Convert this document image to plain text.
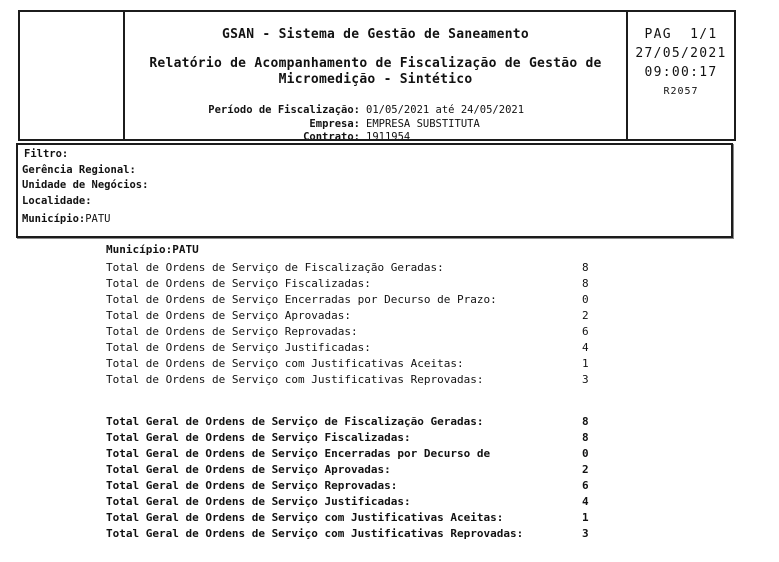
GSAN - Sistema de Gestão de Saneamento
Relatório de Acompanhamento de Fiscalização de Gestão de Micromedição - Sintético
Período de Fiscalização: 01/05/2021 até 24/05/2021
Empresa: EMPRESA SUBSTITUTA
Contrato: 1911954
PAG  1/1
27/05/2021
09:00:17
R2057
Filtro:
Gerência Regional:
Unidade de Negócios:
Localidade:
Município:PATU
Município:PATU
Total de Ordens de Serviço de Fiscalização Geradas:	8
Total de Ordens de Serviço Fiscalizadas:	8
Total de Ordens de Serviço Encerradas por Decurso de Prazo:	0
Total de Ordens de Serviço Aprovadas:	2
Total de Ordens de Serviço Reprovadas:	6
Total de Ordens de Serviço Justificadas:	4
Total de Ordens de Serviço com Justificativas Aceitas:	1
Total de Ordens de Serviço com Justificativas Reprovadas:	3
Total Geral de Ordens de Serviço de Fiscalização Geradas:	8
Total Geral de Ordens de Serviço Fiscalizadas:	8
Total Geral de Ordens de Serviço Encerradas por Decurso de	0
Total Geral de Ordens de Serviço Aprovadas:	2
Total Geral de Ordens de Serviço Reprovadas:	6
Total Geral de Ordens de Serviço Justificadas:	4
Total Geral de Ordens de Serviço com Justificativas Aceitas:	1
Total Geral de Ordens de Serviço com Justificativas Reprovadas:	3
